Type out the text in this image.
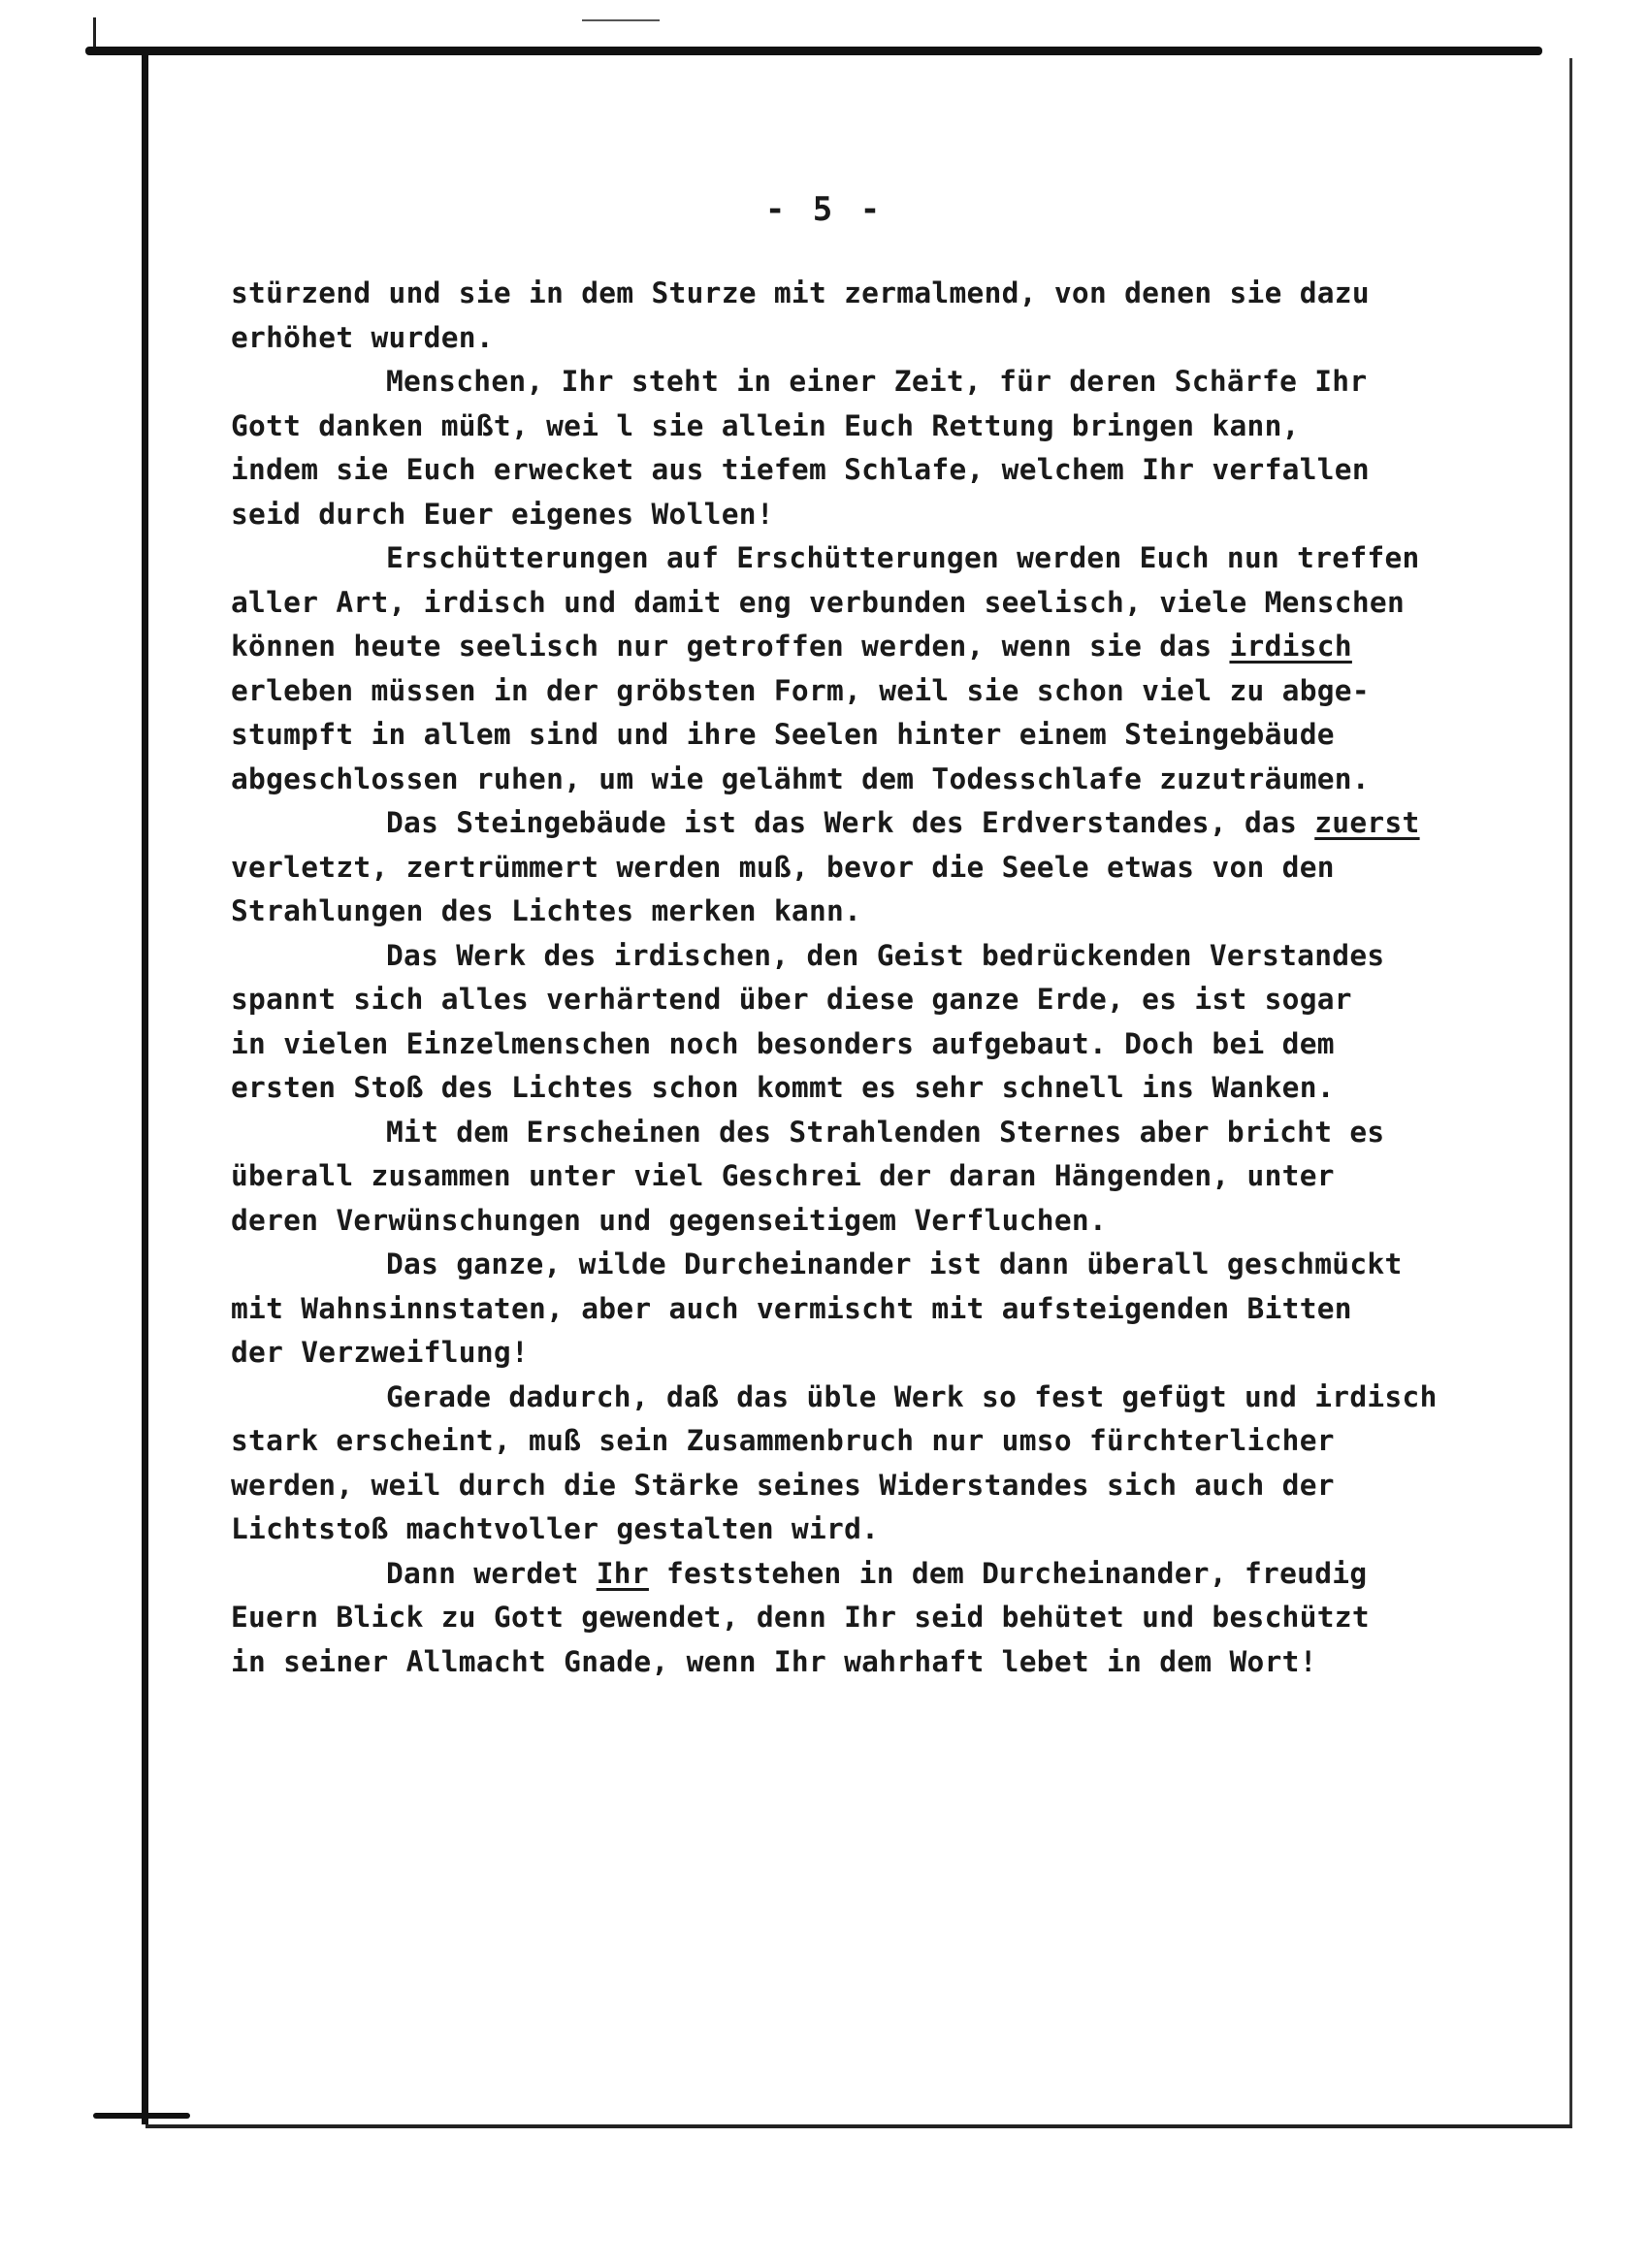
- 5 -
stürzend und sie in dem Sturze mit zermalmend, von denen sie dazu
erhöhet wurden.
Menschen, Ihr steht in einer Zeit, für deren Schärfe Ihr
Gott danken müßt, wei l sie allein Euch Rettung bringen kann,
indem sie Euch erwecket aus tiefem Schlafe, welchem Ihr verfallen
seid durch Euer eigenes Wollen!
Erschütterungen auf Erschütterungen werden Euch nun treffen
aller Art, irdisch und damit eng verbunden seelisch, viele Menschen
können heute seelisch nur getroffen werden, wenn sie das irdisch
erleben müssen in der gröbsten Form, weil sie schon viel zu abge-
stumpft in allem sind und ihre Seelen hinter einem Steingebäude
abgeschlossen ruhen, um wie gelähmt dem Todesschlafe zuzuträumen.
Das Steingebäude ist das Werk des Erdverstandes, das zuerst
verletzt, zertrümmert werden muß, bevor die Seele etwas von den
Strahlungen des Lichtes merken kann.
Das Werk des irdischen, den Geist bedrückenden Verstandes
spannt sich alles verhärtend über diese ganze Erde, es ist sogar
in vielen Einzelmenschen noch besonders aufgebaut. Doch bei dem
ersten Stoß des Lichtes schon kommt es sehr schnell ins Wanken.
Mit dem Erscheinen des Strahlenden Sternes aber bricht es
überall zusammen unter viel Geschrei der daran Hängenden, unter
deren Verwünschungen und gegenseitigem Verfluchen.
Das ganze, wilde Durcheinander ist dann überall geschmückt
mit Wahnsinnstaten, aber auch vermischt mit aufsteigenden Bitten
der Verzweiflung!
Gerade dadurch, daß das üble Werk so fest gefügt und irdisch
stark erscheint, muß sein Zusammenbruch nur umso fürchterlicher
werden, weil durch die Stärke seines Widerstandes sich auch der
Lichtstoß machtvoller gestalten wird.
Dann werdet Ihr feststehen in dem Durcheinander, freudig
Euern Blick zu Gott gewendet, denn Ihr seid behütet und beschützt
in seiner Allmacht Gnade, wenn Ihr wahrhaft lebet in dem Wort!
